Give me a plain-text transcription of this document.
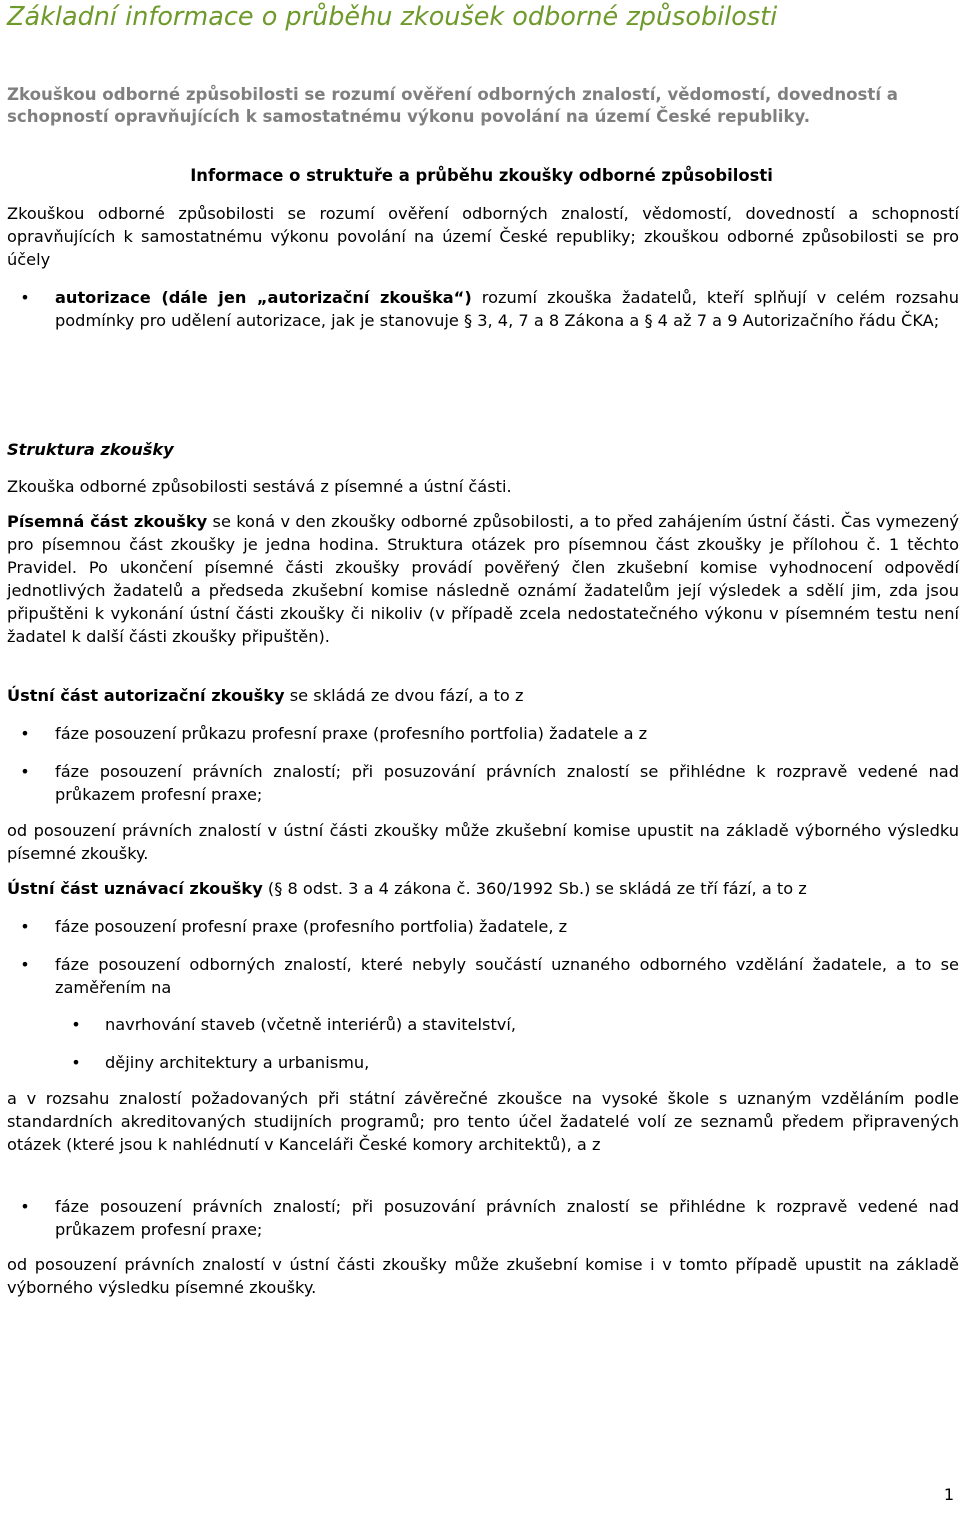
Základní informace o průběhu zkoušek odborné způsobilosti

Zkouškou odborné způsobilosti se rozumí ověření odborných znalostí, vědomostí, dovedností a schopností opravňujících k samostatnému výkonu povolání na území České republiky.

Informace o struktuře a průběhu zkoušky odborné způsobilosti

Zkouškou odborné způsobilosti se rozumí ověření odborných znalostí, vědomostí, dovedností a schopností opravňujících k samostatnému výkonu povolání na území České republiky; zkouškou odborné způsobilosti se pro účely

• autorizace (dále jen „autorizační zkouška“) rozumí zkouška žadatelů, kteří splňují v celém rozsahu podmínky pro udělení autorizace, jak je stanovuje § 3, 4, 7 a 8 Zákona a § 4 až 7 a 9 Autorizačního řádu ČKA;

Struktura zkoušky

Zkouška odborné způsobilosti sestává z písemné a ústní části.

Písemná část zkoušky se koná v den zkoušky odborné způsobilosti, a to před zahájením ústní části. Čas vymezený pro písemnou část zkoušky je jedna hodina. Struktura otázek pro písemnou část zkoušky je přílohou č. 1 těchto Pravidel. Po ukončení písemné části zkoušky provádí pověřený člen zkušební komise vyhodnocení odpovědí jednotlivých žadatelů a předseda zkušební komise následně oznámí žadatelům její výsledek a sdělí jim, zda jsou připuštěni k vykonání ústní části zkoušky či nikoliv (v případě zcela nedostatečného výkonu v písemném testu není žadatel k další části zkoušky připuštěn).

Ústní část autorizační zkoušky se skládá ze dvou fází, a to z

• fáze posouzení průkazu profesní praxe (profesního portfolia) žadatele a z
• fáze posouzení právních znalostí; při posuzování právních znalostí se přihlédne k rozpravě vedené nad průkazem profesní praxe;

od posouzení právních znalostí v ústní části zkoušky může zkušební komise upustit na základě výborného výsledku písemné zkoušky.

Ústní část uznávací zkoušky (§ 8 odst. 3 a 4 zákona č. 360/1992 Sb.) se skládá ze tří fází, a to z

• fáze posouzení profesní praxe (profesního portfolia) žadatele, z
• fáze posouzení odborných znalostí, které nebyly součástí uznaného odborného vzdělání žadatele, a to se zaměřením na
• navrhování staveb (včetně interiérů) a stavitelství,
• dějiny architektury a urbanismu,

a v rozsahu znalostí požadovaných při státní závěrečné zkoušce na vysoké škole s uznaným vzděláním podle standardních akreditovaných studijních programů; pro tento účel žadatelé volí ze seznamů předem připravených otázek (které jsou k nahlédnutí v Kanceláři České komory architektů), a z

• fáze posouzení právních znalostí; při posuzování právních znalostí se přihlédne k rozpravě vedené nad průkazem profesní praxe;

od posouzení právních znalostí v ústní části zkoušky může zkušební komise i v tomto případě upustit na základě výborného výsledku písemné zkoušky.

1
